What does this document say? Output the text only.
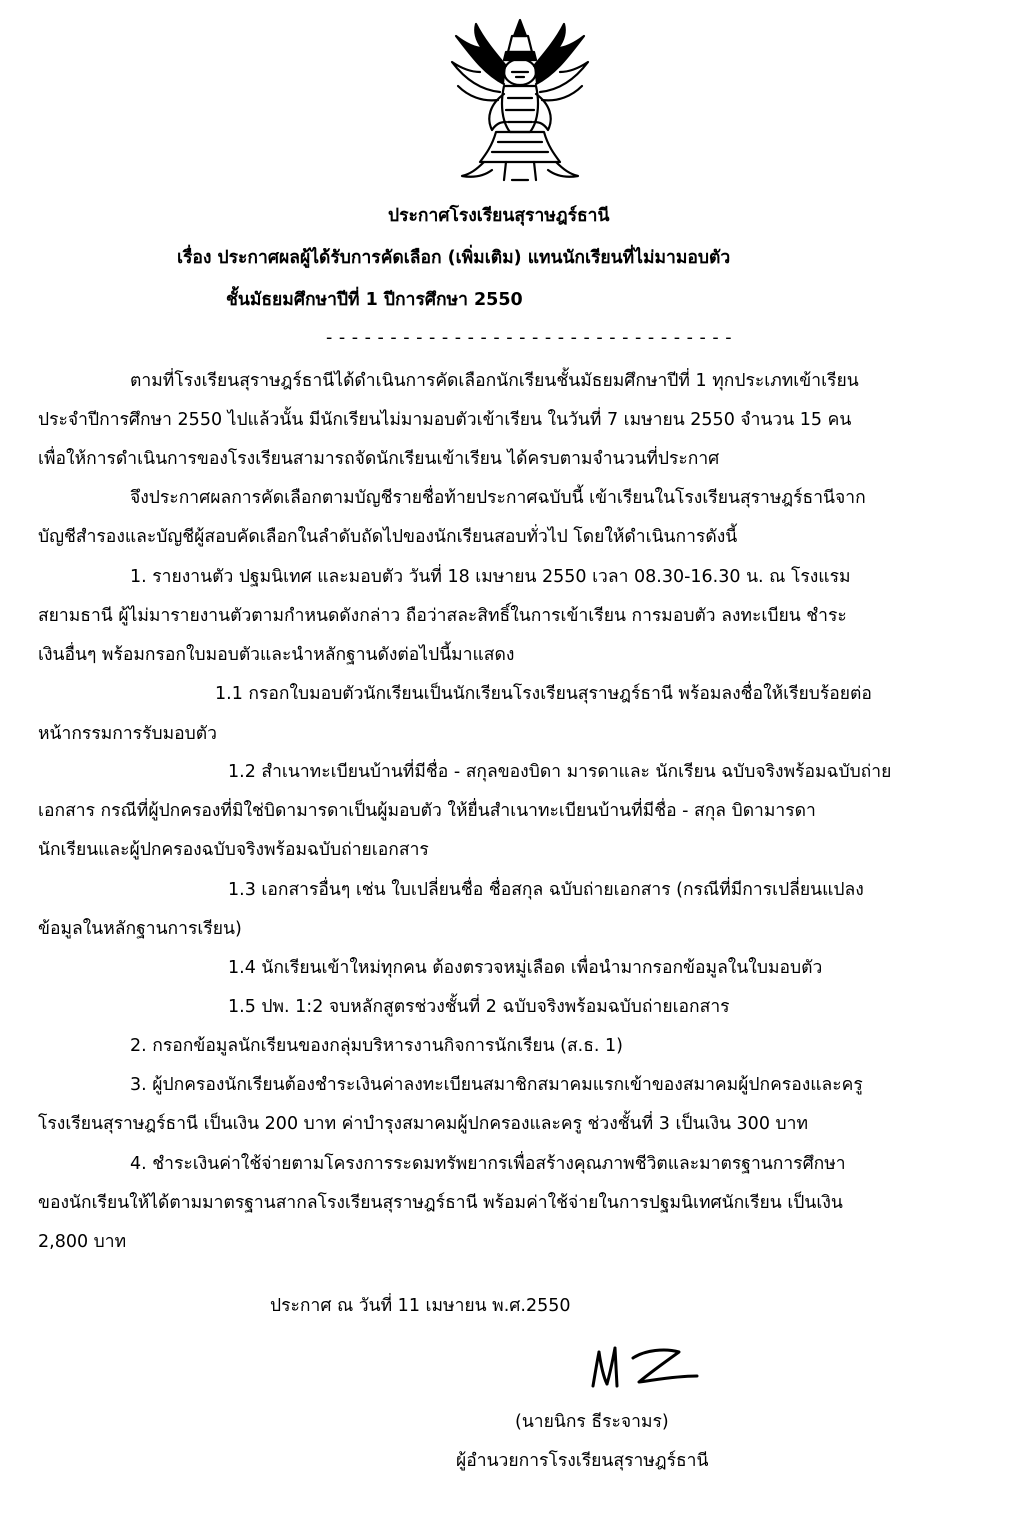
ประกาศโรงเรียนสุราษฎร์ธานี
เรื่อง ประกาศผลผู้ได้รับการคัดเลือก (เพิ่มเติม) แทนนักเรียนที่ไม่มามอบตัว
ชั้นมัธยมศึกษาปีที่ 1 ปีการศึกษา 2550
- - - - - - - - - - - - - - - - - - - - - - - - - - - - - - - -
ตามที่โรงเรียนสุราษฎร์ธานีได้ดำเนินการคัดเลือกนักเรียนชั้นมัธยมศึกษาปีที่ 1 ทุกประเภทเข้าเรียน
ประจำปีการศึกษา 2550 ไปแล้วนั้น มีนักเรียนไม่มามอบตัวเข้าเรียน ในวันที่ 7 เมษายน 2550 จำนวน 15 คน
เพื่อให้การดำเนินการของโรงเรียนสามารถจัดนักเรียนเข้าเรียน ได้ครบตามจำนวนที่ประกาศ
จึงประกาศผลการคัดเลือกตามบัญชีรายชื่อท้ายประกาศฉบับนี้ เข้าเรียนในโรงเรียนสุราษฎร์ธานีจาก
บัญชีสำรองและบัญชีผู้สอบคัดเลือกในลำดับถัดไปของนักเรียนสอบทั่วไป โดยให้ดำเนินการดังนี้
1. รายงานตัว ปฐมนิเทศ และมอบตัว วันที่ 18 เมษายน 2550 เวลา 08.30-16.30 น. ณ โรงแรม
สยามธานี ผู้ไม่มารายงานตัวตามกำหนดดังกล่าว ถือว่าสละสิทธิ์ในการเข้าเรียน การมอบตัว ลงทะเบียน ชำระ
เงินอื่นๆ พร้อมกรอกใบมอบตัวและนำหลักฐานดังต่อไปนี้มาแสดง
1.1 กรอกใบมอบตัวนักเรียนเป็นนักเรียนโรงเรียนสุราษฎร์ธานี พร้อมลงชื่อให้เรียบร้อยต่อ
หน้ากรรมการรับมอบตัว
1.2 สำเนาทะเบียนบ้านที่มีชื่อ - สกุลของบิดา มารดาและ นักเรียน ฉบับจริงพร้อมฉบับถ่าย
เอกสาร กรณีที่ผู้ปกครองที่มิใช่บิดามารดาเป็นผู้มอบตัว ให้ยื่นสำเนาทะเบียนบ้านที่มีชื่อ - สกุล บิดามารดา
นักเรียนและผู้ปกครองฉบับจริงพร้อมฉบับถ่ายเอกสาร
1.3 เอกสารอื่นๆ เช่น ใบเปลี่ยนชื่อ ชื่อสกุล ฉบับถ่ายเอกสาร (กรณีที่มีการเปลี่ยนแปลง
ข้อมูลในหลักฐานการเรียน)
1.4 นักเรียนเข้าใหม่ทุกคน ต้องตรวจหมู่เลือด เพื่อนำมากรอกข้อมูลในใบมอบตัว
1.5 ปพ. 1:2 จบหลักสูตรช่วงชั้นที่ 2 ฉบับจริงพร้อมฉบับถ่ายเอกสาร
2. กรอกข้อมูลนักเรียนของกลุ่มบริหารงานกิจการนักเรียน (ส.ธ. 1)
3. ผู้ปกครองนักเรียนต้องชำระเงินค่าลงทะเบียนสมาชิกสมาคมแรกเข้าของสมาคมผู้ปกครองและครู
โรงเรียนสุราษฎร์ธานี เป็นเงิน 200 บาท ค่าบำรุงสมาคมผู้ปกครองและครู ช่วงชั้นที่ 3 เป็นเงิน 300 บาท
4. ชำระเงินค่าใช้จ่ายตามโครงการระดมทรัพยากรเพื่อสร้างคุณภาพชีวิตและมาตรฐานการศึกษา
ของนักเรียนให้ได้ตามมาตรฐานสากลโรงเรียนสุราษฎร์ธานี พร้อมค่าใช้จ่ายในการปฐมนิเทศนักเรียน เป็นเงิน
2,800 บาท
ประกาศ ณ วันที่ 11 เมษายน พ.ศ.2550
(นายนิกร ธีระจามร)
ผู้อำนวยการโรงเรียนสุราษฎร์ธานี
